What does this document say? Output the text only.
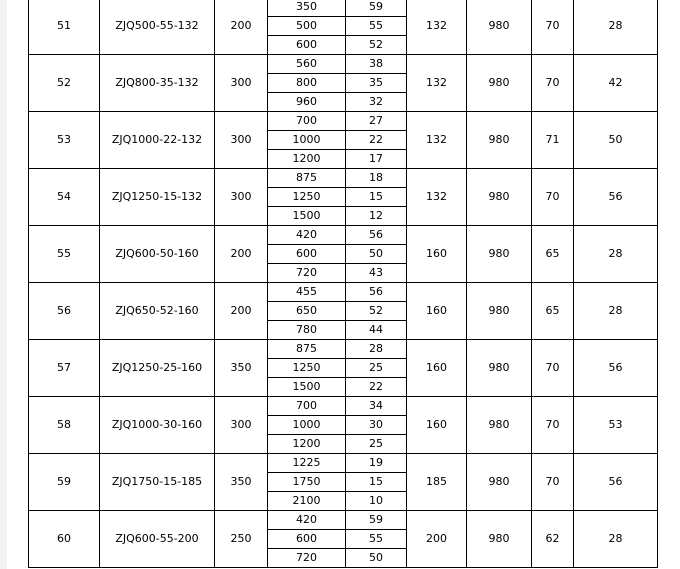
51	ZJQ500-55-132	200	350	59	132	980	70	28
			500	55				
			600	52				
52	ZJQ800-35-132	300	560	38	132	980	70	42
			800	35				
			960	32				
53	ZJQ1000-22-132	300	700	27	132	980	71	50
			1000	22				
			1200	17				
54	ZJQ1250-15-132	300	875	18	132	980	70	56
			1250	15				
			1500	12				
55	ZJQ600-50-160	200	420	56	160	980	65	28
			600	50				
			720	43				
56	ZJQ650-52-160	200	455	56	160	980	65	28
			650	52				
			780	44				
57	ZJQ1250-25-160	350	875	28	160	980	70	56
			1250	25				
			1500	22				
58	ZJQ1000-30-160	300	700	34	160	980	70	53
			1000	30				
			1200	25				
59	ZJQ1750-15-185	350	1225	19	185	980	70	56
			1750	15				
			2100	10				
60	ZJQ600-55-200	250	420	59	200	980	62	28
			600	55				
			720	50				
